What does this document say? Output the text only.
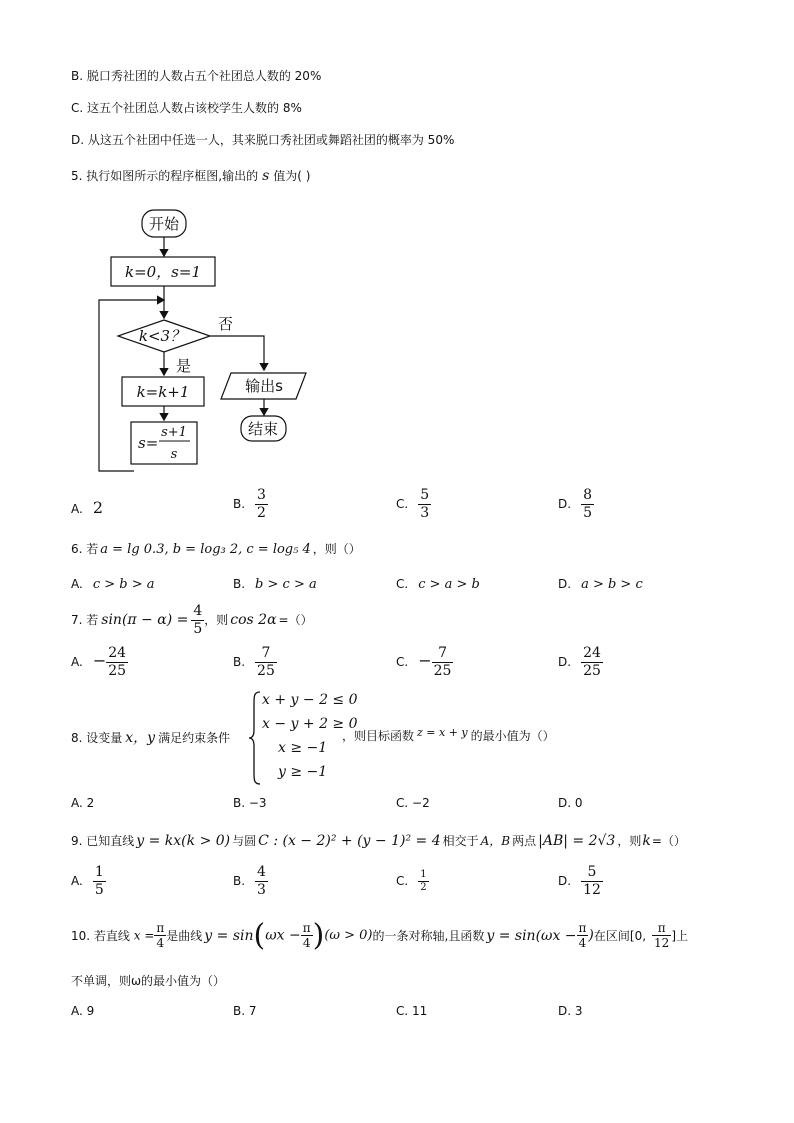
B. 脱口秀社团的人数占五个社团总人数的 20%
C. 这五个社团总人数占该校学生人数的 8%
D. 从这五个社团中任选一人，其来脱口秀社团或舞蹈社团的概率为 50%
5. 执行如图所示的程序框图,输出的 s 值为( )
开始
k=0，s=1
k<3？
否
是
k=k+1
s=
s+1
s
输出s
结束
A. 2	B. $\frac{3}{2}$	C. $\frac{5}{3}$	D. $\frac{8}{5}$
6. 若 a = lg 0.3, b = log₃ 2, c = log₅ 4 ，则（）
A. c > b > a	B. b > c > a	C. c > a > b	D. a > b > c
7. 若 $\sin(\pi - \alpha) = \frac{4}{5}$ ，则 cos 2α =（）
A. − $\frac{24}{25}$	B. $\frac{7}{25}$	C. − $\frac{7}{25}$	D. $\frac{24}{25}$
8. 设变量 x，y 满足约束条件
x + y − 2 ≤ 0
x − y + 2 ≥ 0
x ≥ −1
y ≥ −1
，则目标函数 z = x + y 的最小值为（）
A. 2	B. −3	C. −2	D. 0
9. 已知直线 y = kx(k > 0) 与圆 C : (x − 2)² + (y − 1)² = 4 相交于 A，B 两点 |AB| = 2√3 ，则k=（）
A. $\frac{1}{5}$	B. $\frac{4}{3}$	C. $\frac{1}{2}$	D. $\frac{5}{12}$
10. 若直线 $x = \frac{\pi}{4}$ 是曲线 $y = \sin(\omega x - \frac{\pi}{4} )(\omega > 0)$的一条对称轴,且函数 $y = \sin(\omega x - \frac{\pi}{4}$ )在区间[0, $\frac{\pi}{12}$ ]上
不单调，则ω的最小值为（）
A. 9	B. 7	C. 11	D. 3
